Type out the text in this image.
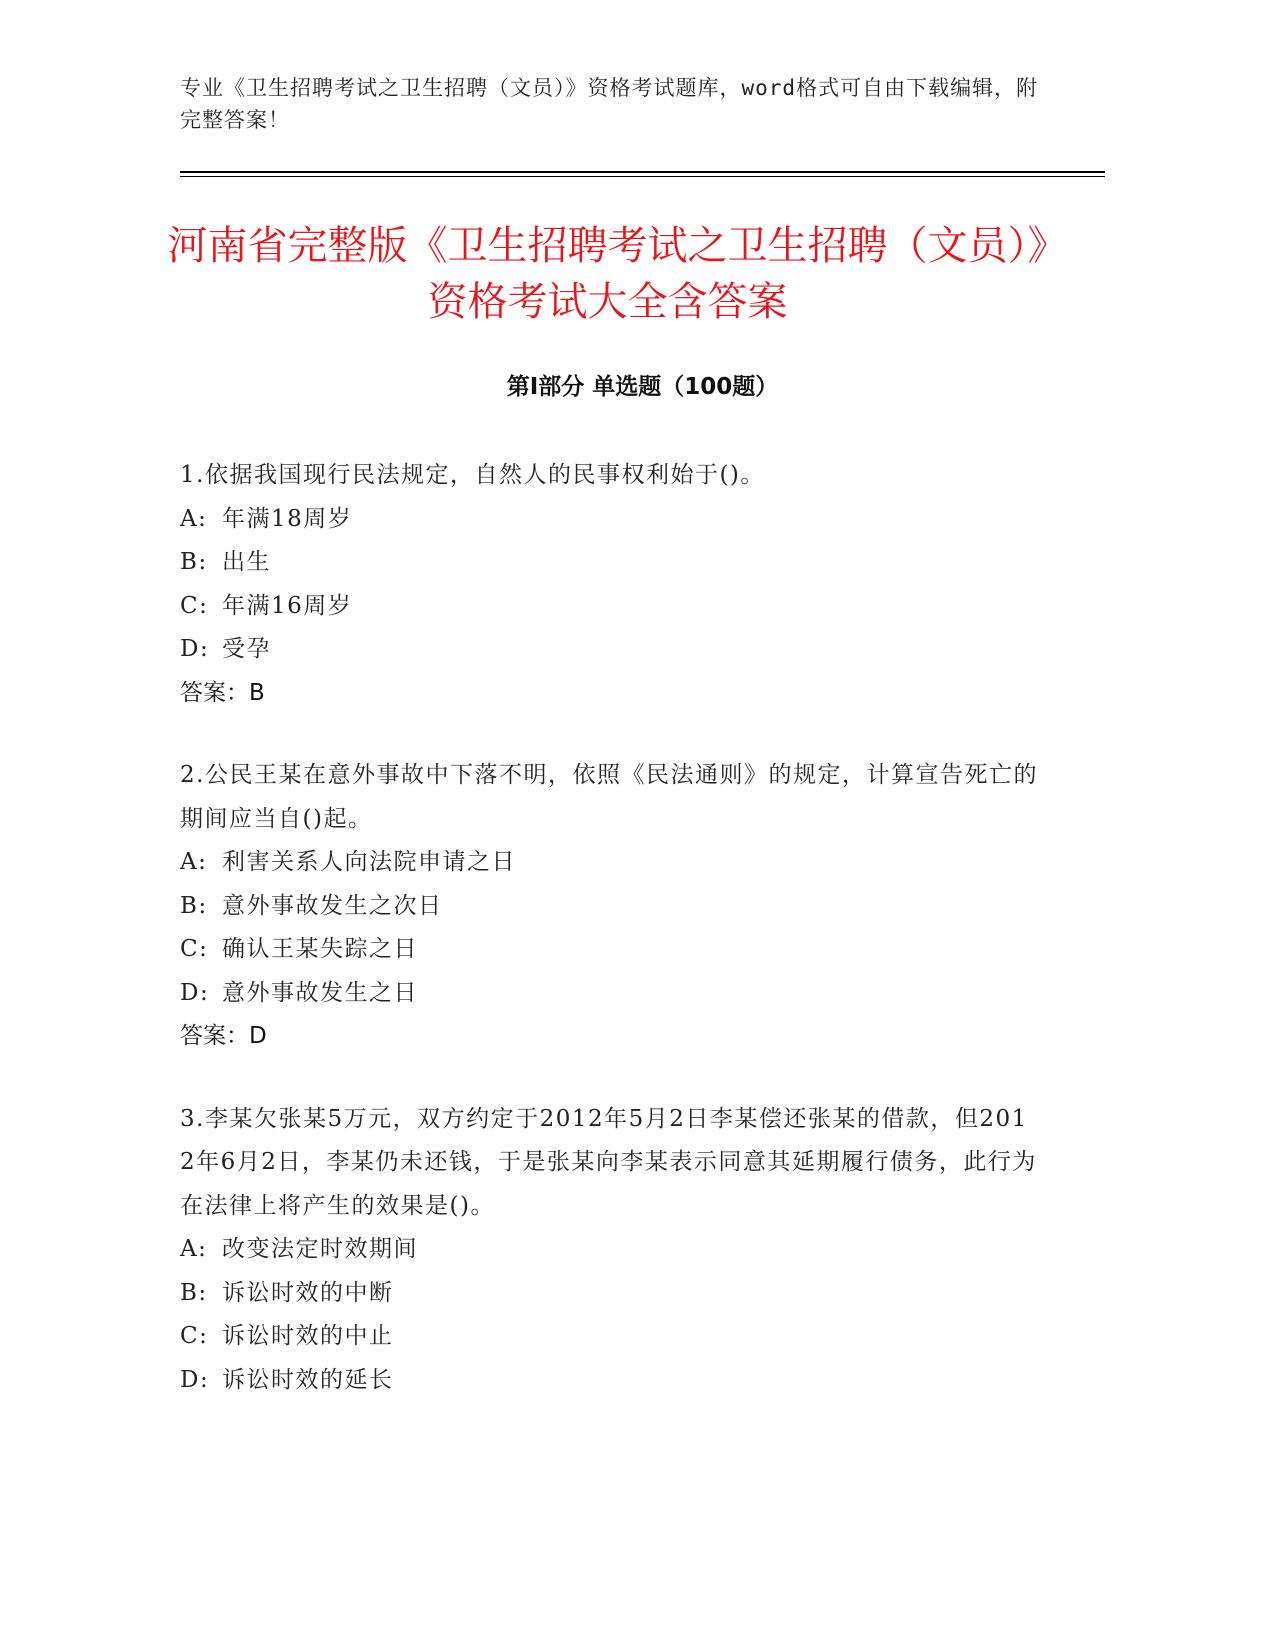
专业《卫生招聘考试之卫生招聘（文员）》资格考试题库，word格式可自由下载编辑，附完整答案！
河南省完整版《卫生招聘考试之卫生招聘（文员）》资格考试大全含答案
第Ⅰ部分 单选题（100题）
1.依据我国现行民法规定，自然人的民事权利始于()。
A: 年满18周岁
B: 出生
C: 年满16周岁
D: 受孕
答案：B
2.公民王某在意外事故中下落不明，依照《民法通则》的规定，计算宣告死亡的期间应当自()起。
A: 利害关系人向法院申请之日
B: 意外事故发生之次日
C: 确认王某失踪之日
D: 意外事故发生之日
答案：D
3.李某欠张某5万元，双方约定于2012年5月2日李某偿还张某的借款，但2012年6月2日，李某仍未还钱，于是张某向李某表示同意其延期履行债务，此行为在法律上将产生的效果是()。
A: 改变法定时效期间
B: 诉讼时效的中断
C: 诉讼时效的中止
D: 诉讼时效的延长
